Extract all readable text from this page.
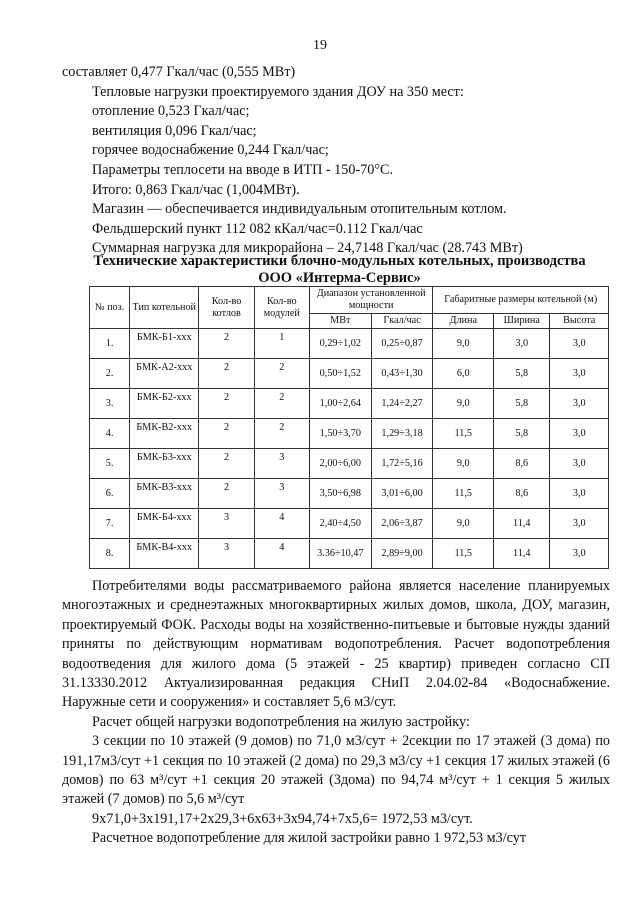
19

составляет 0,477 Гкал/час (0,555 МВт)

Тепловые нагрузки проектируемого здания ДОУ на 350 мест:

отопление 0,523 Гкал/час;

вентиляция 0,096 Гкал/час;

горячее водоснабжение 0,244 Гкал/час;

Параметры теплосети на вводе в ИТП - 150-70°С.

Итого: 0,863 Гкал/час (1,004МВт).

Магазин — обеспечивается индивидуальным отопительным котлом.

Фельдшерский пункт 112 082 кКал/час=0.112 Гкал/час

Суммарная нагрузка для микрорайона – 24,7148 Гкал/час (28.743 МВт)

Технические характеристики блочно-модульных котельных, производства
ООО «Интерма-Сервис»
№ поз.	Тип котельной	Кол-во котлов	Кол-во модулей	Диапазон установленной мощности		Габаритные размеры котельной (м)		
				МВт	Гкал/час	Длина	Ширина	Высота
1.	БМК-Б1-ххх	2	1	0,29÷1,02	0,25÷0,87	9,0	3,0	3,0
2.	БМК-А2-ххх	2	2	0,50÷1,52	0,43÷1,30	6,0	5,8	3,0
3.	БМК-Б2-ххх	2	2	1,00÷2,64	1,24÷2,27	9,0	5,8	3,0
4.	БМК-В2-ххх	2	2	1,50÷3,70	1,29÷3,18	11,5	5,8	3,0
5.	БМК-Б3-ххх	2	3	2,00÷6,00	1,72÷5,16	9,0	8,6	3,0
6.	БМК-В3-ххх	2	3	3,50÷6,98	3,01÷6,00	11,5	8,6	3,0
7.	БМК-Б4-ххх	3	4	2,40÷4,50	2,06÷3,87	9,0	11,4	3,0
8.	БМК-В4-ххх	3	4	3.36÷10,47	2,89÷9,00	11,5	11,4	3,0

Потребителями воды рассматриваемого района является население планируемых многоэтажных и среднеэтажных многоквартирных жилых домов, школа, ДОУ, магазин, проектируемый ФОК. Расходы воды на хозяйственно-питьевые и бытовые нужды зданий приняты по действующим нормативам водопотребления. Расчет водопотребления водоотведения для жилого дома (5 этажей - 25 квартир) приведен согласно СП 31.13330.2012 Актуализированная редакция СНиП 2.04.02-84 «Водоснабжение. Наружные сети и сооружения» и составляет 5,6 м3/сут.

Расчет общей нагрузки водопотребления на жилую застройку:

3 секции по 10 этажей (9 домов) по 71,0 м3/сут + 2секции по 17 этажей (3 дома) по 191,17м3/сут +1 секция по 10 этажей (2 дома) по 29,3 м3/су +1 секция 17 жилых этажей (6 домов) по 63 м³/сут +1 секция 20 этажей (3дома) по 94,74 м³/сут + 1 секция 5 жилых этажей (7 домов) по 5,6 м³/сут

9х71,0+3х191,17+2х29,3+6х63+3х94,74+7х5,6= 1972,53 м3/сут.

Расчетное водопотребление для жилой застройки равно 1 972,53 м3/сут
